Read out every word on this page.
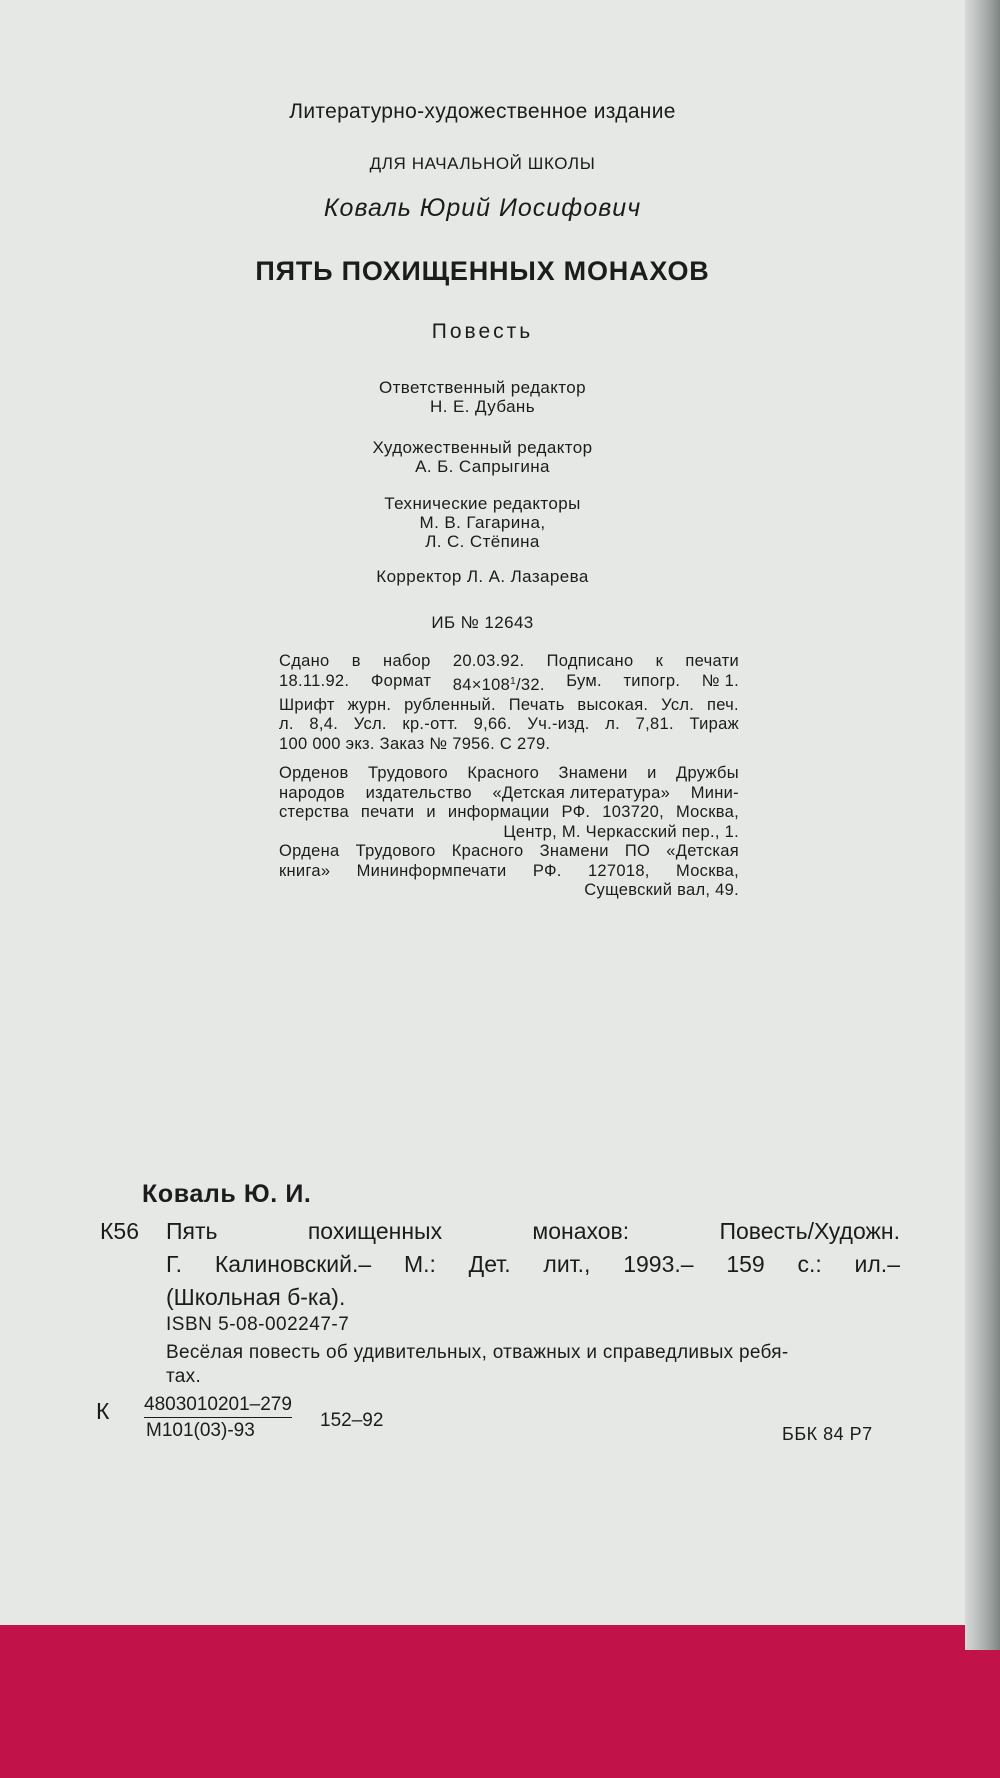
Литературно-художественное издание
ДЛЯ НАЧАЛЬНОЙ ШКОЛЫ
Коваль Юрий Иосифович
ПЯТЬ ПОХИЩЕННЫХ МОНАХОВ
Повесть
Ответственный редактор
Н. Е. Дубань
Художественный редактор
А. Б. Сапрыгина
Технические редакторы
М. В. Гагарина,
Л. С. Стёпина
Корректор Л. А. Лазарева
ИБ № 12643
Сдано в набор 20.03.92. Подписано к печати
18.11.92. Формат $84\times 108^1/32$. Бум. типогр. № 1.
Шрифт журн. рубленный. Печать высокая. Усл. печ.
л. 8,4. Усл. кр.-отт. 9,66. Уч.-изд. л. 7,81. Тираж
100 000 экз. Заказ № 7956. С 279.
Орденов Трудового Красного Знамени и Дружбы
народов издательство «Детская литература» Мини-
стерства печати и информации РФ. 103720, Москва,
Центр, М. Черкасский пер., 1.
Ордена Трудового Красного Знамени ПО «Детская
книга» Мининформпечати РФ. 127018, Москва,
Сущевский вал, 49.
Коваль Ю. И.
К56 Пять	похищенных	монахов:	Повесть/Художн.
Г. Калиновский.– М.: Дет. лит., 1993.– 159 с.: ил.–
(Школьная б-ка).
ISBN 5-08-002247-7
Весёлая повесть об удивительных, отважных и справедливых ребя-
тах.
К 4803010201–279
М101(03)-93	152–92
ББК 84 Р7
